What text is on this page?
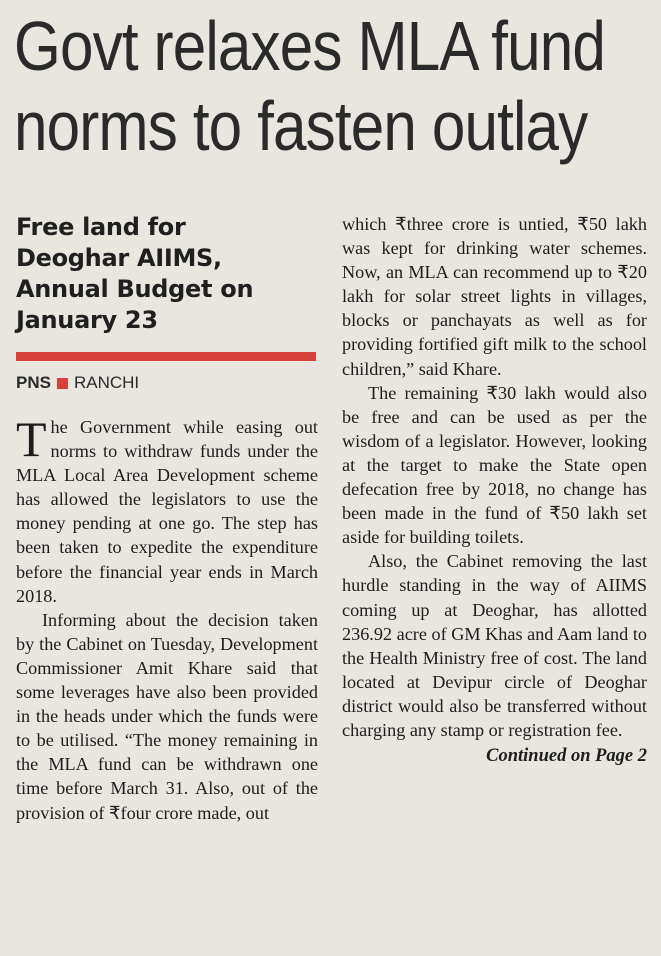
Govt relaxes MLA fund
norms to fasten outlay
Free land for
Deoghar AIIMS,
Annual Budget on
January 23
PNS RANCHI

The Government while easing out norms to withdraw funds under the MLA Local Area Development scheme has allowed the legislators to use the money pending at one go. The step has been taken to expedite the expenditure before the financial year ends in March 2018.

Informing about the decision taken by the Cabinet on Tuesday, Development Commissioner Amit Khare said that some leverages have also been provided in the heads under which the funds were to be utilised. “The money remaining in the MLA fund can be withdrawn one time before March 31. Also, out of the provision of ₹four crore made, out

which ₹three crore is untied, ₹50 lakh was kept for drinking water schemes. Now, an MLA can recommend up to ₹20 lakh for solar street lights in villages, blocks or panchayats as well as for providing fortified gift milk to the school children,” said Khare.

The remaining ₹30 lakh would also be free and can be used as per the wisdom of a legislator. However, looking at the target to make the State open defecation free by 2018, no change has been made in the fund of ₹50 lakh set aside for building toilets.

Also, the Cabinet removing the last hurdle standing in the way of AIIMS coming up at Deoghar, has allotted 236.92 acre of GM Khas and Aam land to the Health Ministry free of cost. The land located at Devipur circle of Deoghar district would also be transferred without charging any stamp or registration fee.

Continued on Page 2
